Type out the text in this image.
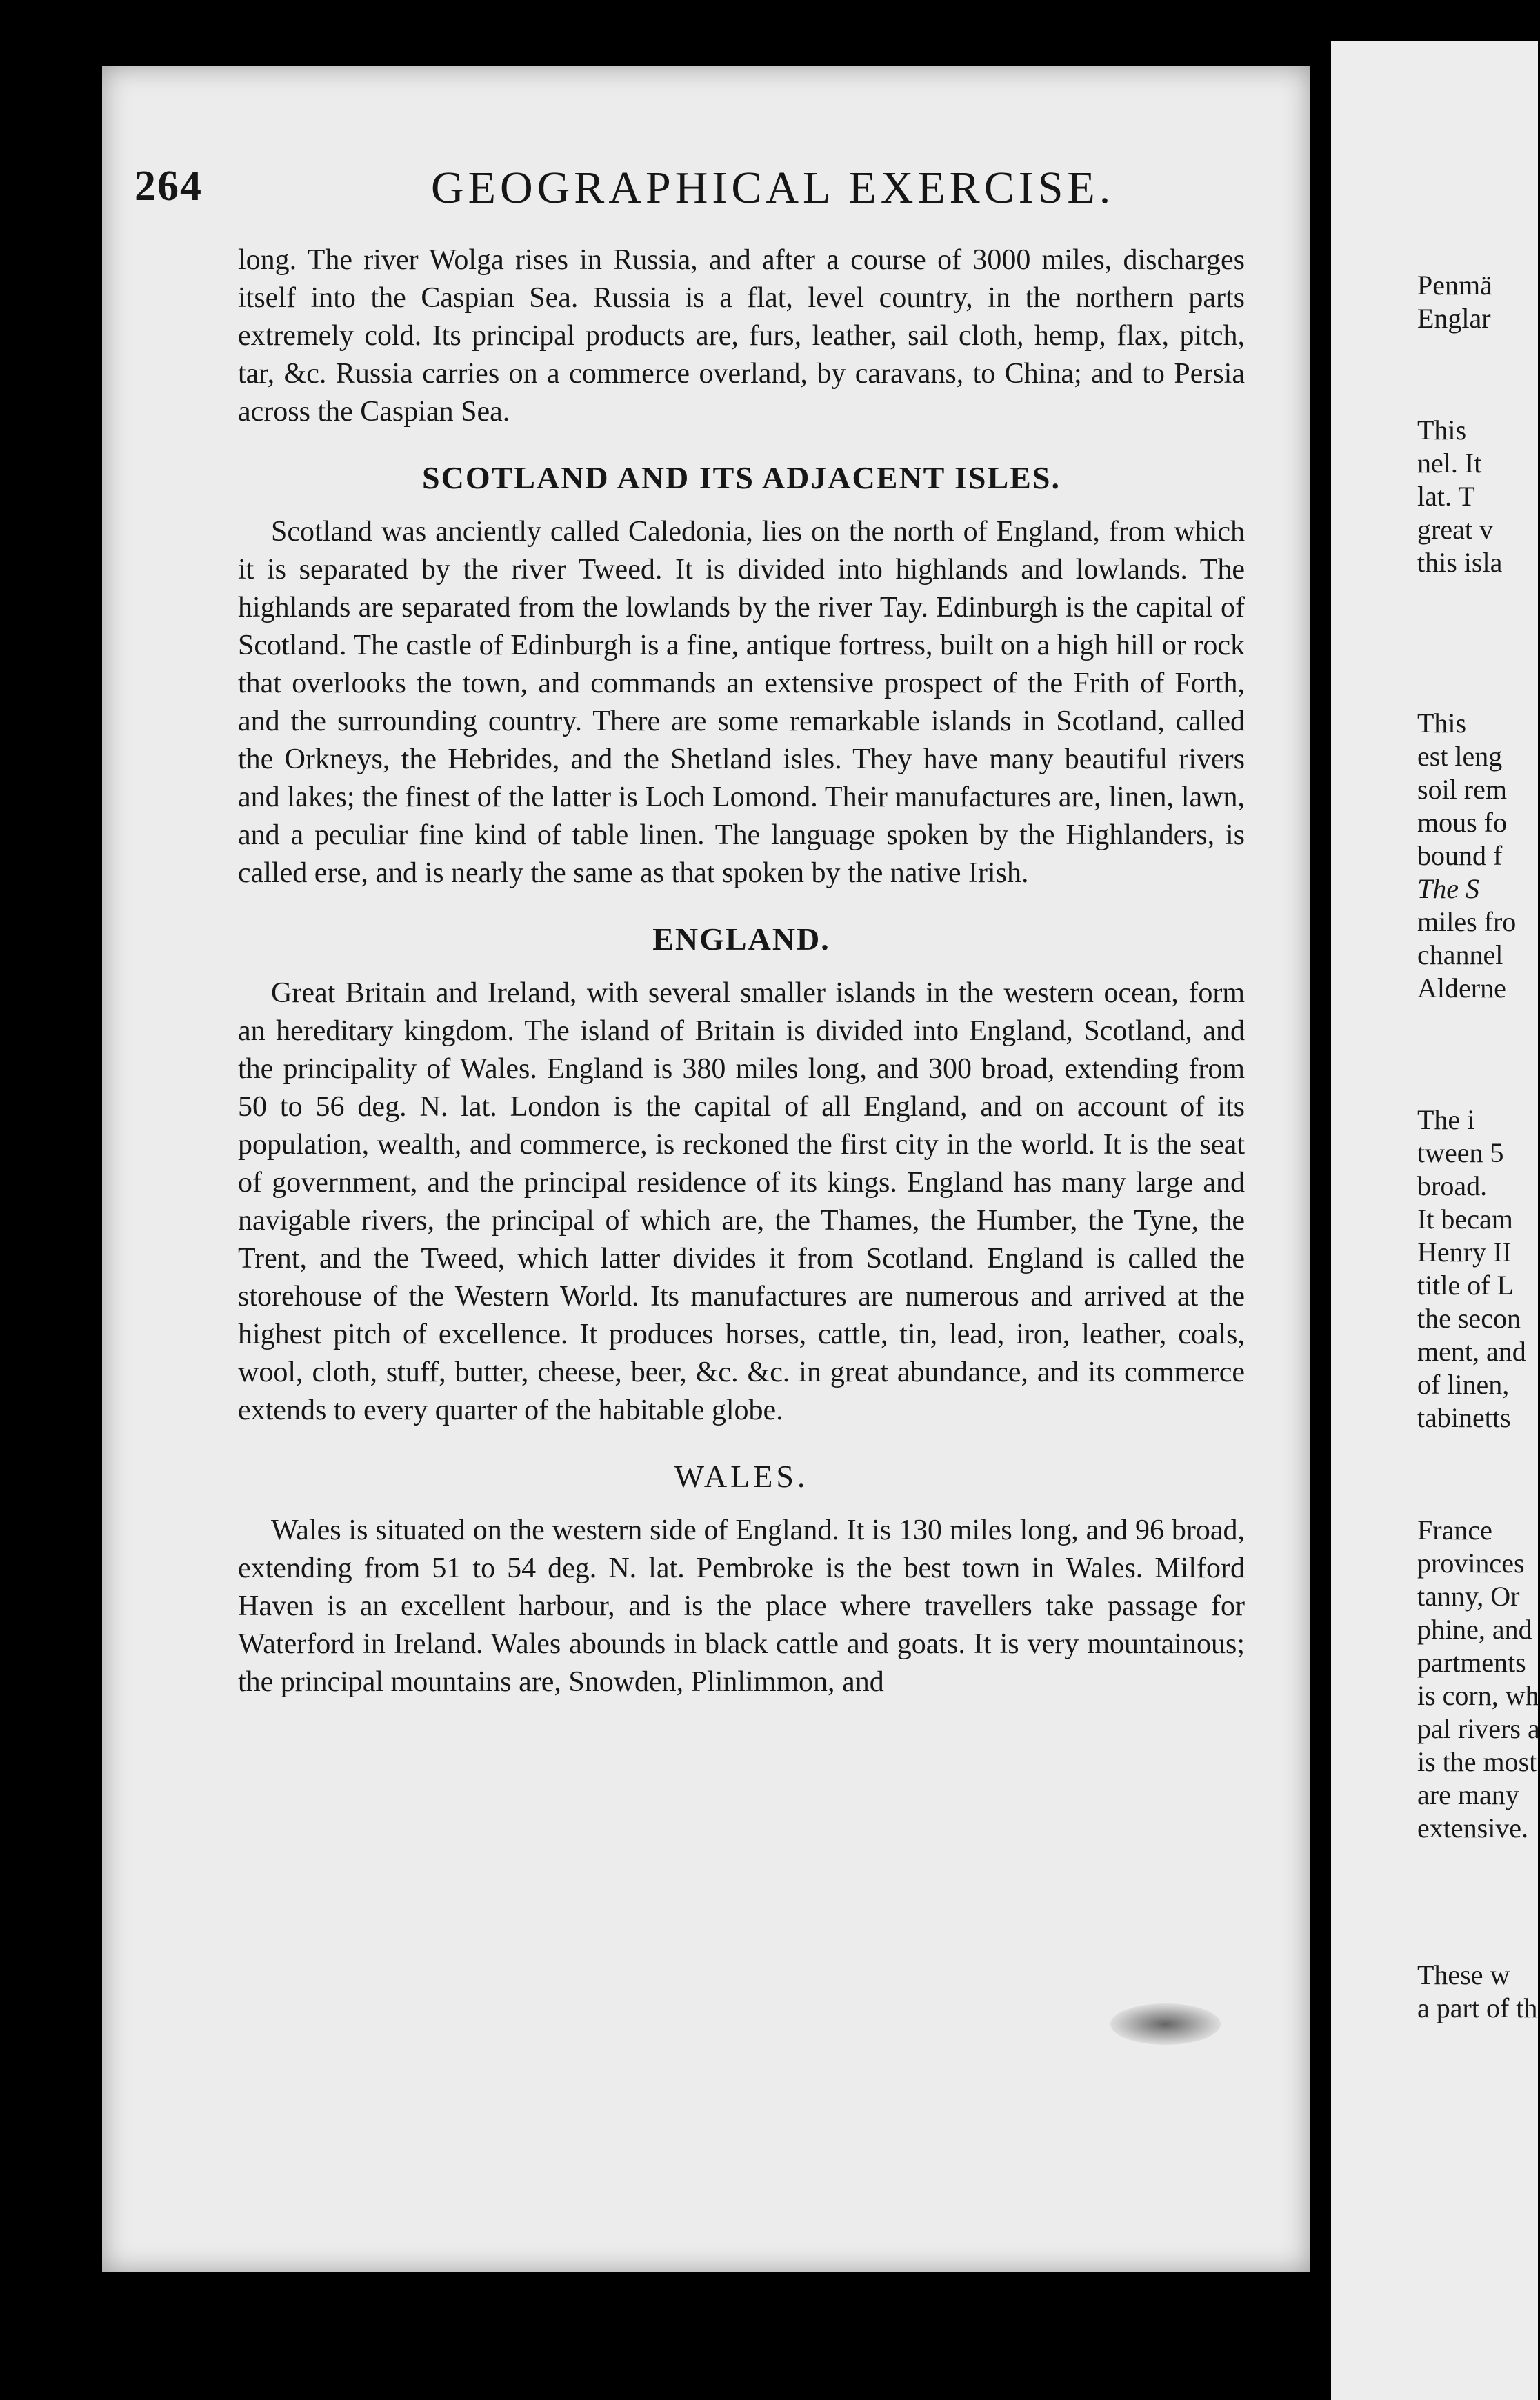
264	GEOGRAPHICAL EXERCISE.

long. The river Wolga rises in Russia, and after a course of 3000 miles, discharges itself into the Caspian Sea. Russia is a flat, level country, in the northern parts extremely cold. Its principal products are, furs, leather, sail cloth, hemp, flax, pitch, tar, &c. Russia carries on a commerce overland, by caravans, to China; and to Persia across the Caspian Sea.

SCOTLAND AND ITS ADJACENT ISLES.

Scotland was anciently called Caledonia, lies on the north of England, from which it is separated by the river Tweed. It is divided into highlands and lowlands. The highlands are separated from the lowlands by the river Tay. Edinburgh is the capital of Scotland. The castle of Edinburgh is a fine, antique fortress, built on a high hill or rock that overlooks the town, and commands an extensive prospect of the Frith of Forth, and the surrounding country. There are some remarkable islands in Scotland, called the Orkneys, the Hebrides, and the Shetland isles. They have many beautiful rivers and lakes; the finest of the latter is Loch Lomond. Their manufactures are, linen, lawn, and a peculiar fine kind of table linen. The language spoken by the Highlanders, is called erse, and is nearly the same as that spoken by the native Irish.

ENGLAND.

Great Britain and Ireland, with several smaller islands in the western ocean, form an hereditary kingdom. The island of Britain is divided into England, Scotland, and the principality of Wales. England is 380 miles long, and 300 broad, extending from 50 to 56 deg. N. lat. London is the capital of all England, and on account of its population, wealth, and commerce, is reckoned the first city in the world. It is the seat of government, and the principal residence of its kings. England has many large and navigable rivers, the principal of which are, the Thames, the Humber, the Tyne, the Trent, and the Tweed, which latter divides it from Scotland. England is called the storehouse of the Western World. Its manufactures are numerous and arrived at the highest pitch of excellence. It produces horses, cattle, tin, lead, iron, leather, coals, wool, cloth, stuff, butter, cheese, beer, &c. &c. in great abundance, and its commerce extends to every quarter of the habitable globe.

WALES.

Wales is situated on the western side of England. It is 130 miles long, and 96 broad, extending from 51 to 54 deg. N. lat. Pembroke is the best town in Wales. Milford Haven is an excellent harbour, and is the place where travellers take passage for Waterford in Ireland. Wales abounds in black cattle and goats. It is very mountainous; the principal mountains are, Snowden, Plinlimmon, and

Penmä
Englar
This
nel. It
lat. T
great v
this isla
This
est leng
soil rem
mous fo
bound f
The S
miles fro
channel
Alderne
The i
tween 5
broad.
It becam
Henry II
title of L
the secon
ment, and
of linen,
tabinetts
France
provinces
tanny, Or
phine, and
partments
is corn, wh
pal rivers a
is the most
are many
extensive.
These w
a part of th
